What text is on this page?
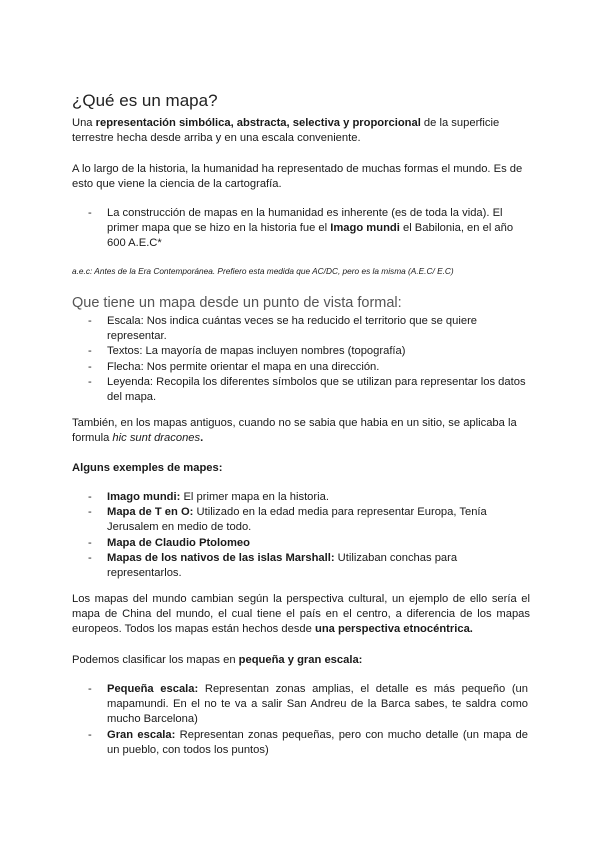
¿Qué es un mapa?

Una representación simbólica, abstracta, selectiva y proporcional de la superficie terrestre hecha desde arriba y en una escala conveniente.

A lo largo de la historia, la humanidad ha representado de muchas formas el mundo. Es de esto que viene la ciencia de la cartografía.

- La construcción de mapas en la humanidad es inherente (es de toda la vida). El primer mapa que se hizo en la historia fue el Imago mundi el Babilonia, en el año 600 A.E.C*

a.e.c: Antes de la Era Contemporánea. Prefiero esta medida que AC/DC, pero es la misma (A.E.C/ E.C)

Que tiene un mapa desde un punto de vista formal:
- Escala: Nos indica cuántas veces se ha reducido el territorio que se quiere representar.
- Textos: La mayoría de mapas incluyen nombres (topografía)
- Flecha: Nos permite orientar el mapa en una dirección.
- Leyenda: Recopila los diferentes símbolos que se utilizan para representar los datos del mapa.

También, en los mapas antiguos, cuando no se sabia que habia en un sitio, se aplicaba la formula hic sunt dracones.

Alguns exemples de mapes:

- Imago mundi: El primer mapa en la historia.
- Mapa de T en O: Utilizado en la edad media para representar Europa, Tenía Jerusalem en medio de todo.
- Mapa de Claudio Ptolomeo
- Mapas de los nativos de las islas Marshall: Utilizaban conchas para representarlos.

Los mapas del mundo cambian según la perspectiva cultural, un ejemplo de ello sería el mapa de China del mundo, el cual tiene el país en el centro, a diferencia de los mapas europeos. Todos los mapas están hechos desde una perspectiva etnocéntrica.

Podemos clasificar los mapas en pequeña y gran escala:

- Pequeña escala: Representan zonas amplias, el detalle es más pequeño (un mapamundi. En el no te va a salir San Andreu de la Barca sabes, te saldra como mucho Barcelona)
- Gran escala: Representan zonas pequeñas, pero con mucho detalle (un mapa de un pueblo, con todos los puntos)
